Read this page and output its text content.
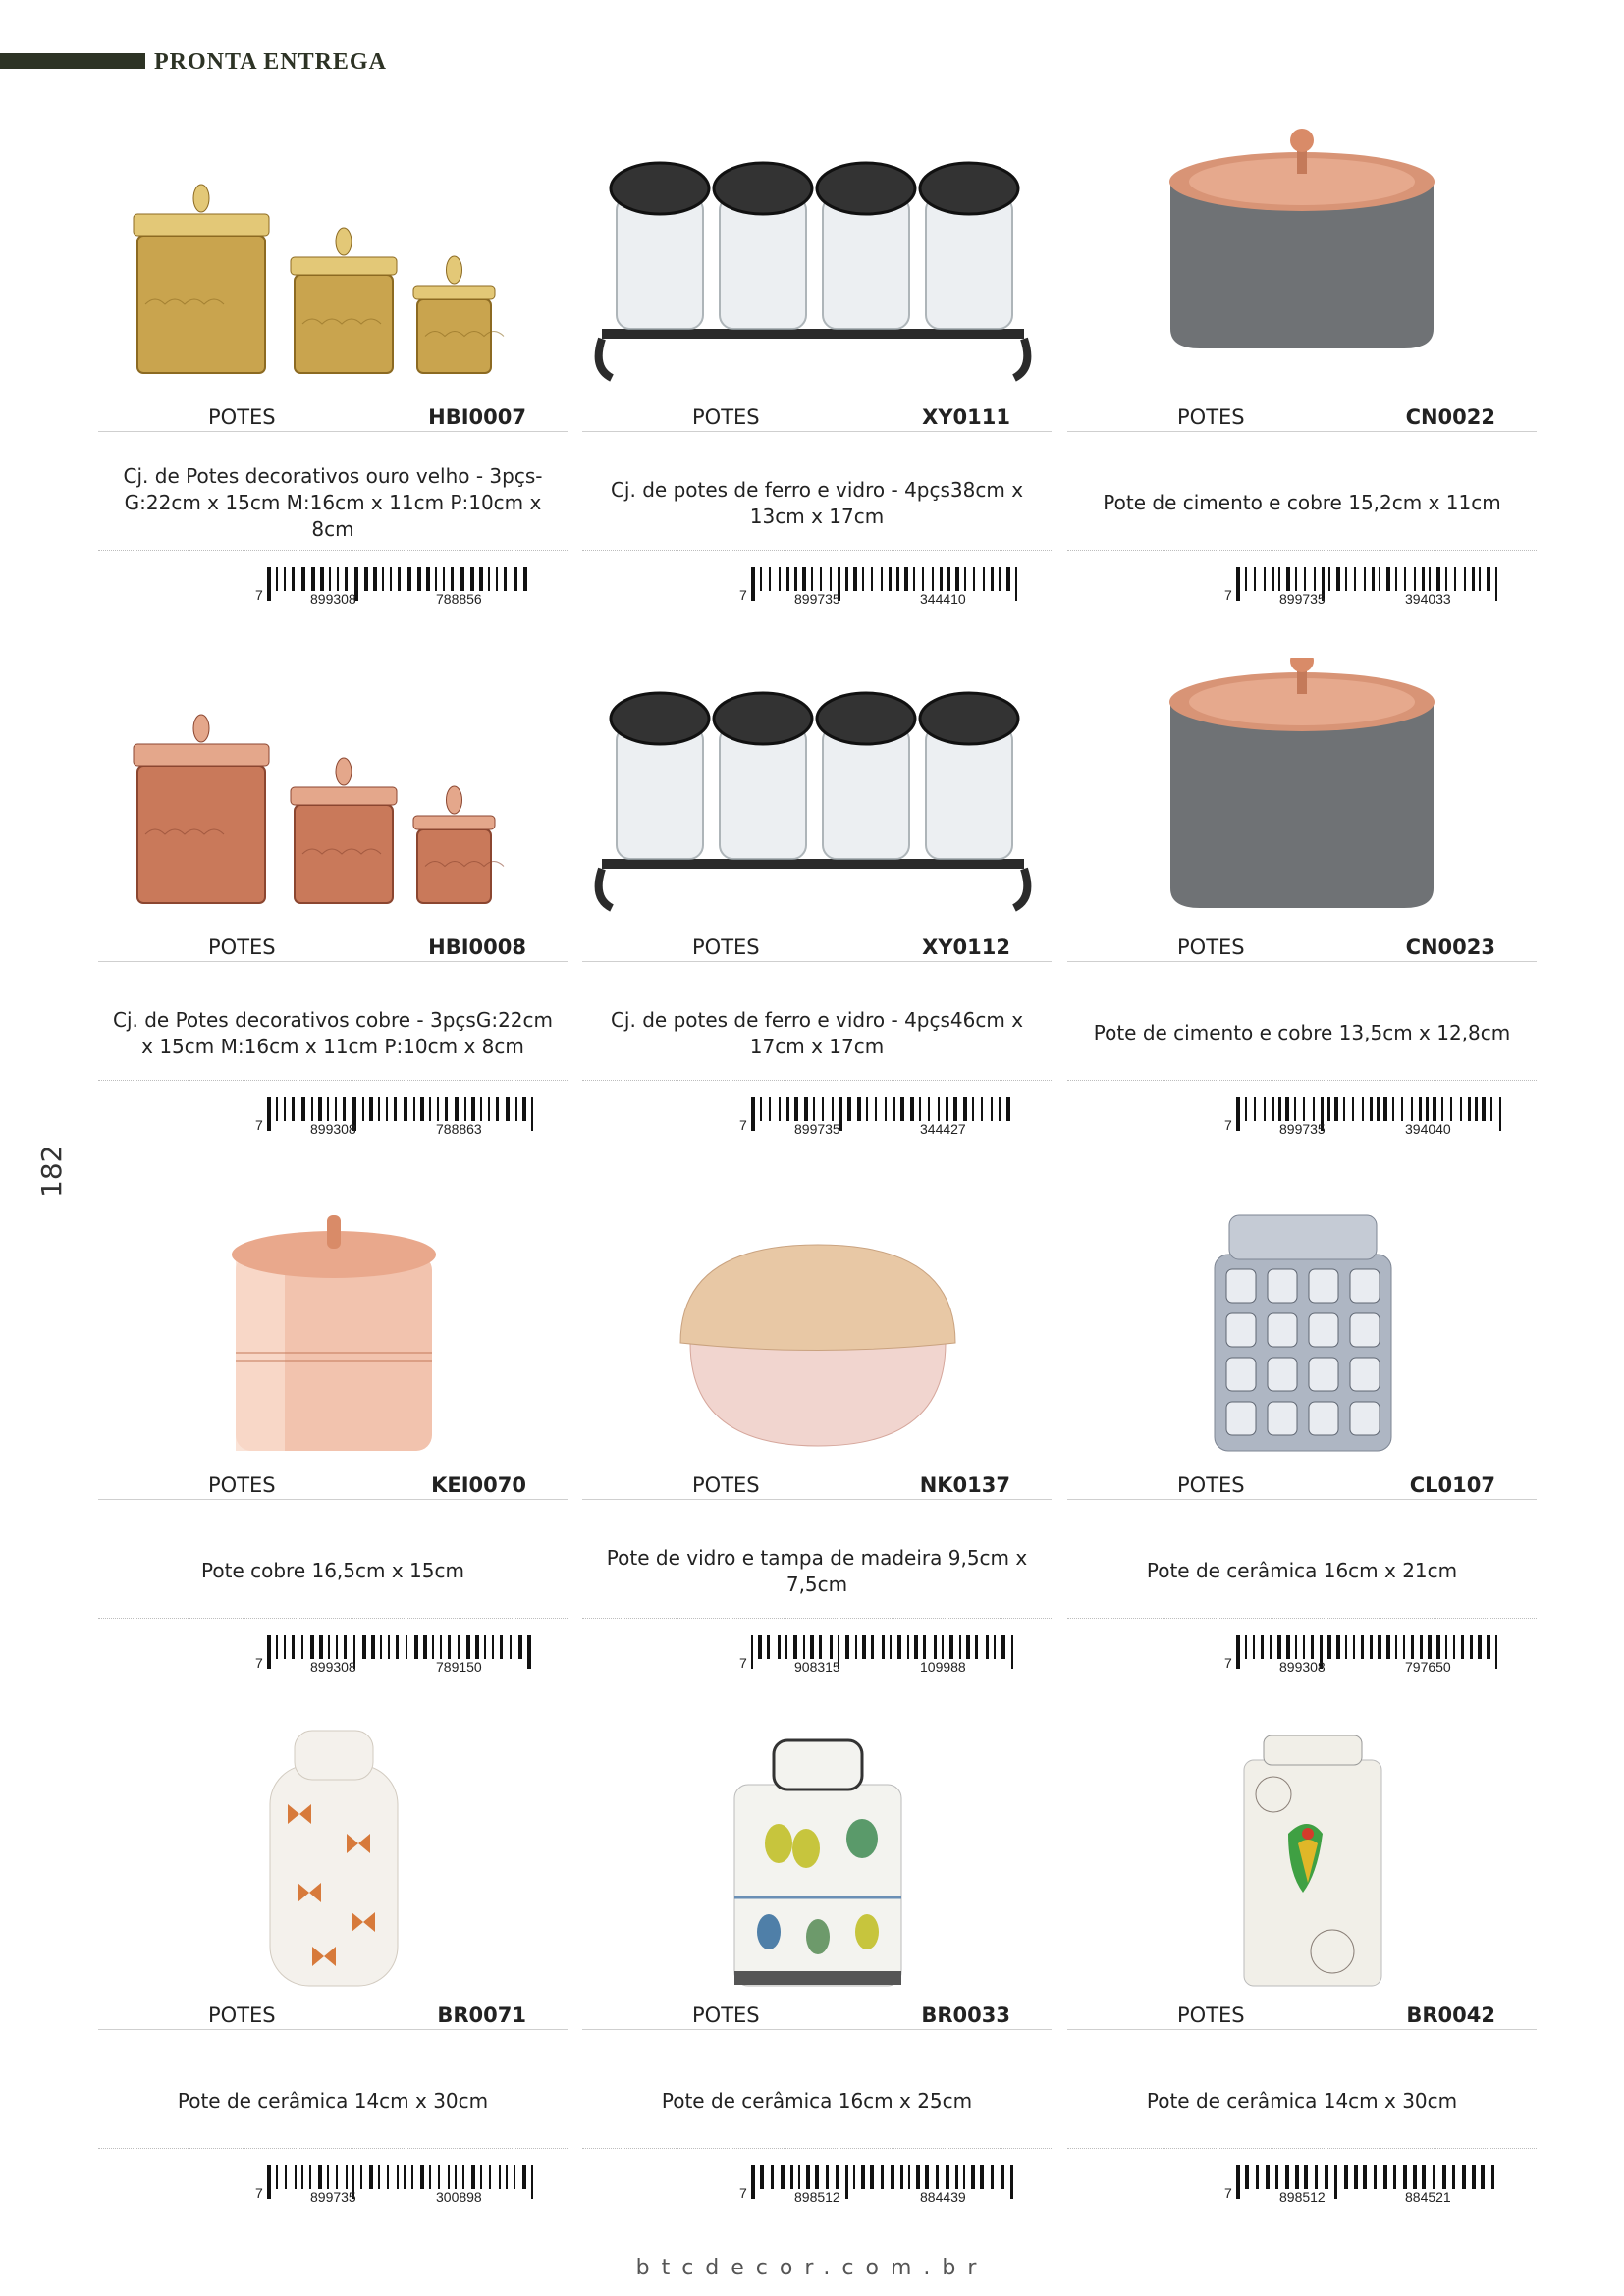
PRONTA ENTREGA
182
POTES	HBI0007
Cj. de Potes decorativos ouro velho - 3pçs-G:22cm x 15cm M:16cm x 11cm P:10cm x 8cm
7	899308	788856
POTES	XY0111
Cj. de potes de ferro e vidro - 4pçs38cm x 13cm x 17cm
7	899735	344410
POTES	CN0022
Pote de cimento e cobre 15,2cm x 11cm
7	899735	394033
POTES	HBI0008
Cj. de Potes decorativos cobre - 3pçsG:22cm x 15cm M:16cm x 11cm P:10cm x 8cm
7	899308	788863
POTES	XY0112
Cj. de potes de ferro e vidro - 4pçs46cm x 17cm x 17cm
7	899735	344427
POTES	CN0023
Pote de cimento e cobre 13,5cm x 12,8cm
7	899735	394040
POTES	KEI0070
Pote cobre 16,5cm x 15cm
7	899308	789150
POTES	NK0137
Pote de vidro e tampa de madeira 9,5cm x 7,5cm
7	908315	109988
POTES	CL0107
Pote de cerâmica 16cm x 21cm
7	899308	797650
POTES	BR0071
Pote de cerâmica 14cm x 30cm
7	899735	300898
POTES	BR0033
Pote de cerâmica 16cm x 25cm
7	898512	884439
POTES	BR0042
Pote de cerâmica 14cm x 30cm
7	898512	884521
btcdecor.com.br
